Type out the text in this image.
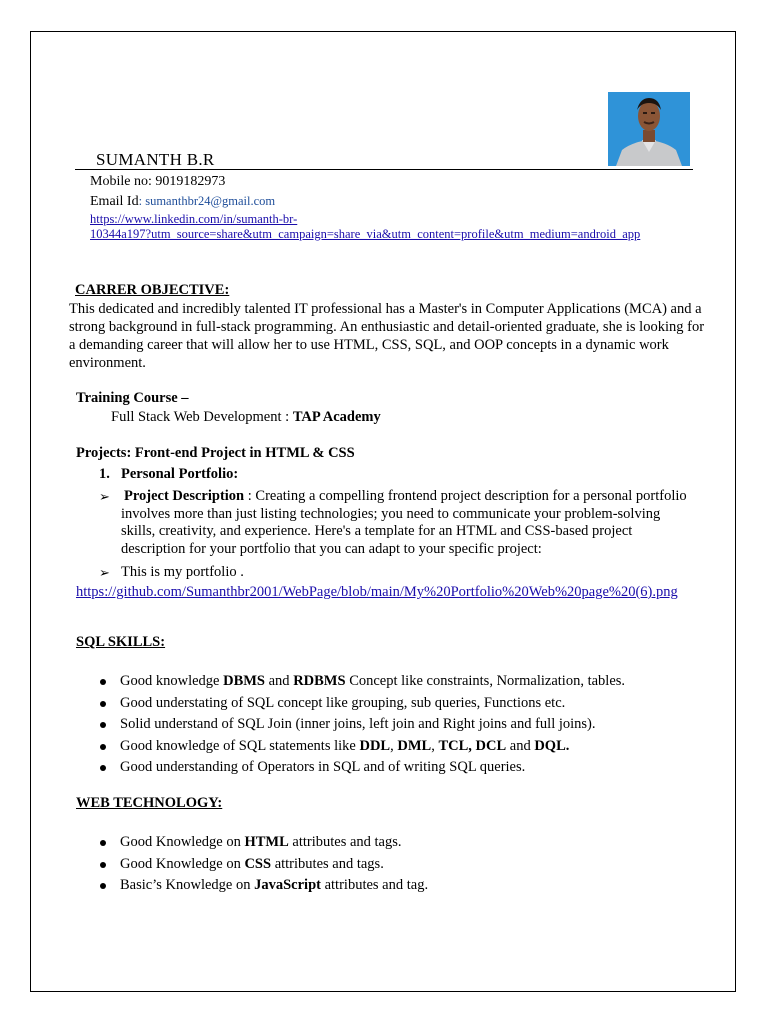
SUMANTH B.R
Mobile no: 9019182973
Email Id: sumanthbr24@gmail.com
https://www.linkedin.com/in/sumanth-br-
10344a197?utm_source=share&utm_campaign=share_via&utm_content=profile&utm_medium=android_app
CARRER OBJECTIVE:
This dedicated and incredibly talented IT professional has a Master's in Computer Applications (MCA) and a strong background in full-stack programming. An enthusiastic and detail-oriented graduate, she is looking for a demanding career that will allow her to use HTML, CSS, SQL, and OOP concepts in a dynamic work environment.
Training Course –
Full Stack Web Development : TAP Academy
Projects: Front-end Project in HTML & CSS
1. Personal Portfolio:
➢ Project Description : Creating a compelling frontend project description for a personal portfolio involves more than just listing technologies; you need to communicate your problem-solving skills, creativity, and experience. Here's a template for an HTML and CSS-based project description for your portfolio that you can adapt to your specific project:
➢ This is my portfolio .
https://github.com/Sumanthbr2001/WebPage/blob/main/My%20Portfolio%20Web%20page%20(6).png
SQL SKILLS:
Good knowledge DBMS and RDBMS Concept like constraints, Normalization, tables.
Good understating of SQL concept like grouping, sub queries, Functions etc.
Solid understand of SQL Join (inner joins, left join and Right joins and full joins).
Good knowledge of SQL statements like DDL, DML, TCL, DCL and DQL.
Good understanding of Operators in SQL and of writing SQL queries.
WEB TECHNOLOGY:
Good Knowledge on HTML attributes and tags.
Good Knowledge on CSS attributes and tags.
Basic’s Knowledge on JavaScript attributes and tag.
